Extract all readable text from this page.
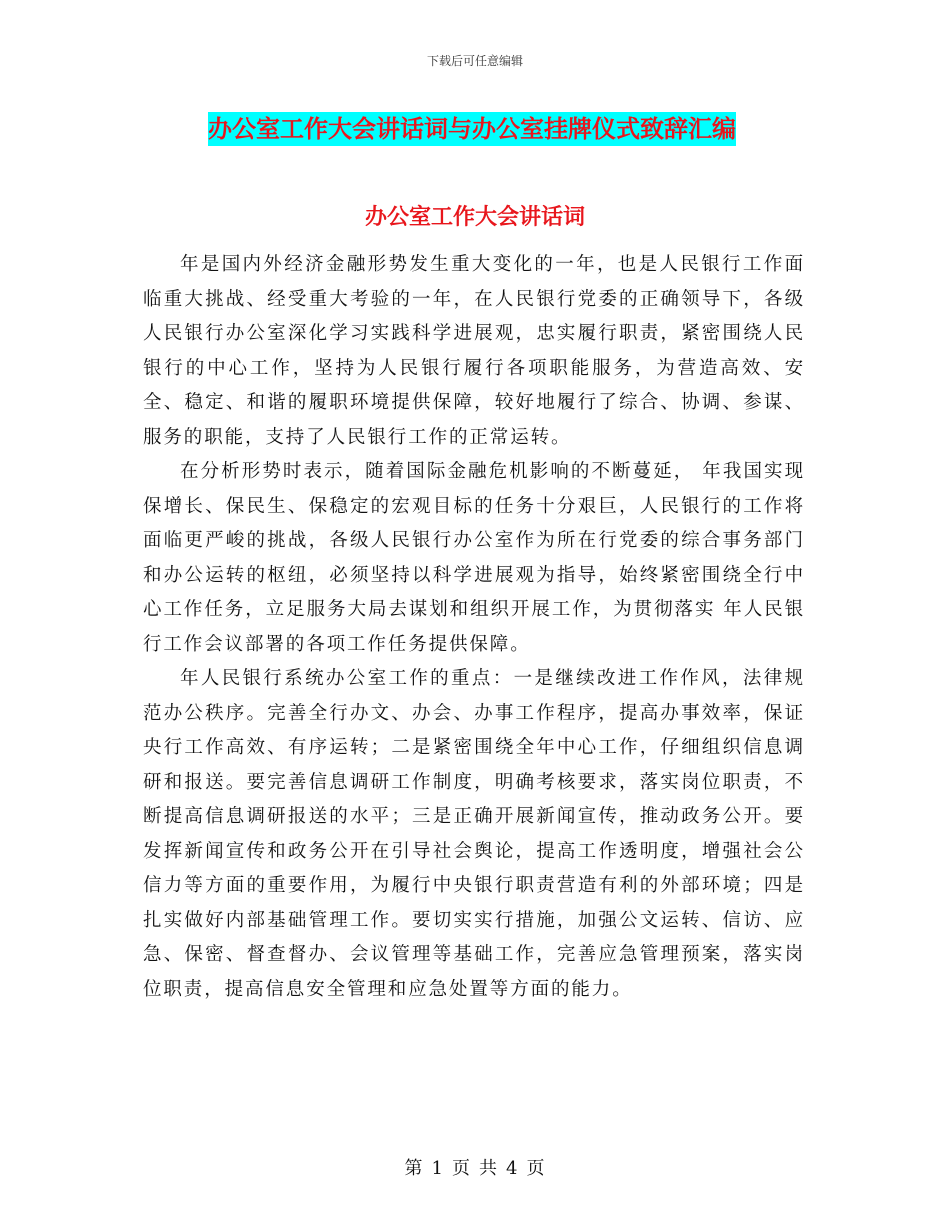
下载后可任意编辑
办公室工作大会讲话词与办公室挂牌仪式致辞汇编
办公室工作大会讲话词

年是国内外经济金融形势发生重大变化的一年，也是人民银行工作面临重大挑战、经受重大考验的一年，在人民银行党委的正确领导下，各级人民银行办公室深化学习实践科学进展观，忠实履行职责，紧密围绕人民银行的中心工作，坚持为人民银行履行各项职能服务，为营造高效、安全、稳定、和谐的履职环境提供保障，较好地履行了综合、协调、参谋、服务的职能，支持了人民银行工作的正常运转。

在分析形势时表示，随着国际金融危机影响的不断蔓延， 年我国实现保增长、保民生、保稳定的宏观目标的任务十分艰巨，人民银行的工作将面临更严峻的挑战，各级人民银行办公室作为所在行党委的综合事务部门和办公运转的枢纽，必须坚持以科学进展观为指导，始终紧密围绕全行中心工作任务，立足服务大局去谋划和组织开展工作，为贯彻落实 年人民银行工作会议部署的各项工作任务提供保障。

年人民银行系统办公室工作的重点：一是继续改进工作作风，法律规范办公秩序。完善全行办文、办会、办事工作程序，提高办事效率，保证央行工作高效、有序运转；二是紧密围绕全年中心工作，仔细组织信息调研和报送。要完善信息调研工作制度，明确考核要求，落实岗位职责，不断提高信息调研报送的水平；三是正确开展新闻宣传，推动政务公开。要发挥新闻宣传和政务公开在引导社会舆论，提高工作透明度，增强社会公信力等方面的重要作用，为履行中央银行职责营造有利的外部环境；四是扎实做好内部基础管理工作。要切实实行措施，加强公文运转、信访、应急、保密、督查督办、会议管理等基础工作，完善应急管理预案，落实岗位职责，提高信息安全管理和应急处置等方面的能力。

第 1 页 共 4 页
